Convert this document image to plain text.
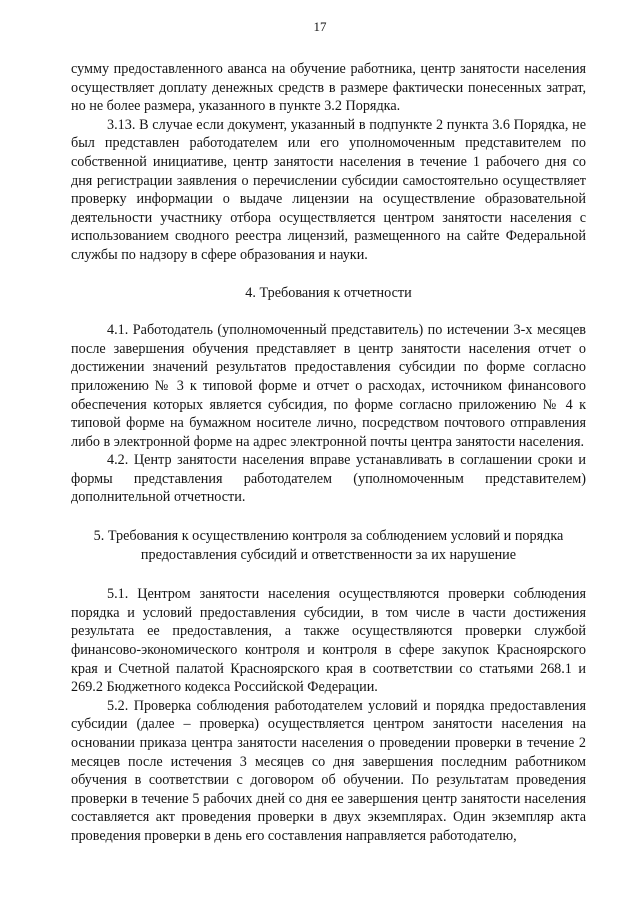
17

сумму предоставленного аванса на обучение работника, центр занятости населения осуществляет доплату денежных средств в размере фактически понесенных затрат, но не более размера, указанного в пункте 3.2 Порядка.

3.13. В случае если документ, указанный в подпункте 2 пункта 3.6 Порядка, не был представлен работодателем или его уполномоченным представителем по собственной инициативе, центр занятости населения в течение 1 рабочего дня со дня регистрации заявления о перечислении субсидии самостоятельно осуществляет проверку информации о выдаче лицензии на осуществление образовательной деятельности участнику отбора осуществляется центром занятости населения с использованием сводного реестра лицензий, размещенного на сайте Федеральной службы по надзору в сфере образования и науки.

4. Требования к отчетности

4.1. Работодатель (уполномоченный представитель) по истечении 3-х месяцев после завершения обучения представляет в центр занятости населения отчет о достижении значений результатов предоставления субсидии по форме согласно приложению № 3 к типовой форме и отчет о расходах, источником финансового обеспечения которых является субсидия, по форме согласно приложению № 4 к типовой форме на бумажном носителе лично, посредством почтового отправления либо в электронной форме на адрес электронной почты центра занятости населения.

4.2. Центр занятости населения вправе устанавливать в соглашении сроки и формы представления работодателем (уполномоченным представителем) дополнительной отчетности.

5. Требования к осуществлению контроля за соблюдением условий и порядка

предоставления субсидий и ответственности за их нарушение

5.1. Центром занятости населения осуществляются проверки соблюдения порядка и условий предоставления субсидии, в том числе в части достижения результата ее предоставления, а также осуществляются проверки службой финансово-экономического контроля и контроля в сфере закупок Красноярского края и Счетной палатой Красноярского края в соответствии со статьями 268.1 и 269.2 Бюджетного кодекса Российской Федерации.

5.2. Проверка соблюдения работодателем условий и порядка предоставления субсидии (далее – проверка) осуществляется центром занятости населения на основании приказа центра занятости населения о проведении проверки в течение 2 месяцев после истечения 3 месяцев со дня завершения последним работником обучения в соответствии с договором об обучении. По результатам проведения проверки в течение 5 рабочих дней со дня ее завершения центр занятости населения составляется акт проведения проверки в двух экземплярах. Один экземпляр акта проведения проверки в день его составления направляется работодателю,
